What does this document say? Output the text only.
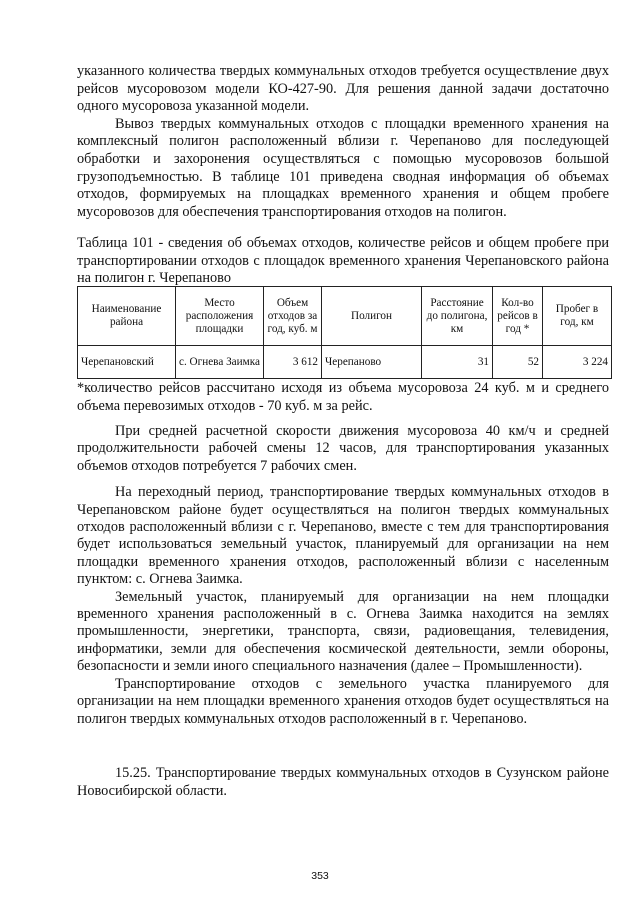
указанного количества твердых коммунальных отходов требуется осуществление двух рейсов мусоровозом модели КО-427-90. Для решения данной задачи достаточно одного мусоровоза указанной модели.

Вывоз твердых коммунальных отходов с площадки временного хранения на комплексный полигон расположенный вблизи г. Черепаново для последующей обработки и захоронения осуществляться с помощью мусоровозов большой грузоподъемностью. В таблице 101 приведена сводная информация об объемах отходов, формируемых на площадках временного хранения и общем пробеге мусоровозов для обеспечения транспортирования отходов на полигон.

Таблица 101 - сведения об объемах отходов, количестве рейсов и общем пробеге при транспортировании отходов с площадок временного хранения Черепановского района на полигон г. Черепаново

Наименование района	Место расположения площадки	Объем отходов за год, куб. м	Полигон	Расстояние до полигона, км	Кол-во рейсов в год *	Пробег в год, км
Черепановский	с. Огнева Заимка	3 612	Черепаново	31	52	3 224

*количество рейсов рассчитано исходя из объема мусоровоза 24 куб. м и среднего объема перевозимых отходов - 70 куб. м за рейс.

При средней расчетной скорости движения мусоровоза 40 км/ч и средней продолжительности рабочей смены 12 часов, для транспортирования указанных объемов отходов потребуется 7 рабочих смен.

На переходный период, транспортирование твердых коммунальных отходов в Черепановском районе будет осуществляться на полигон твердых коммунальных отходов расположенный вблизи с г. Черепаново, вместе с тем для транспортирования будет использоваться земельный участок, планируемый для организации на нем площадки временного хранения отходов, расположенный вблизи с населенным пунктом: с. Огнева Заимка.

Земельный участок, планируемый для организации на нем площадки временного хранения расположенный в с. Огнева Заимка находится на землях промышленности, энергетики, транспорта, связи, радиовещания, телевидения, информатики, земли для обеспечения космической деятельности, земли обороны, безопасности и земли иного специального назначения (далее – Промышленности).

Транспортирование отходов с земельного участка планируемого для организации на нем площадки временного хранения отходов будет осуществляться на полигон твердых коммунальных отходов расположенный в г. Черепаново.

15.25. Транспортирование твердых коммунальных отходов в Сузунском районе Новосибирской области.

353
